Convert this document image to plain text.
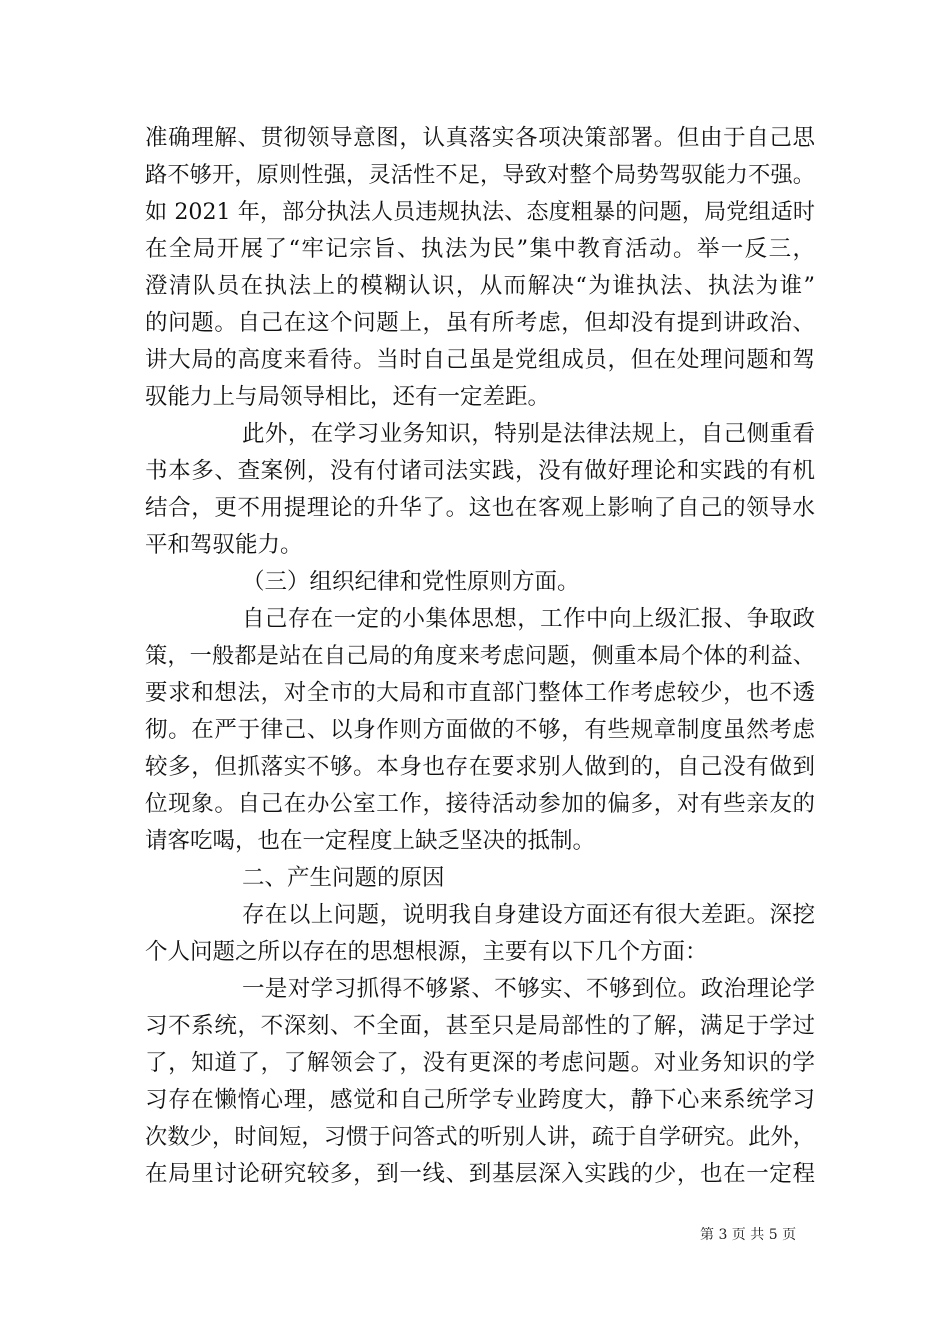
准确理解、贯彻领导意图，认真落实各项决策部署。但由于自己思
路不够开，原则性强，灵活性不足，导致对整个局势驾驭能力不强。
如 2021 年，部分执法人员违规执法、态度粗暴的问题，局党组适时
在全局开展了“牢记宗旨、执法为民”集中教育活动。举一反三，
澄清队员在执法上的模糊认识，从而解决“为谁执法、执法为谁”
的问题。自己在这个问题上，虽有所考虑，但却没有提到讲政治、
讲大局的高度来看待。当时自己虽是党组成员，但在处理问题和驾
驭能力上与局领导相比，还有一定差距。
此外，在学习业务知识，特别是法律法规上，自己侧重看
书本多、查案例，没有付诸司法实践，没有做好理论和实践的有机
结合，更不用提理论的升华了。这也在客观上影响了自己的领导水
平和驾驭能力。
（三）组织纪律和党性原则方面。
自己存在一定的小集体思想，工作中向上级汇报、争取政
策，一般都是站在自己局的角度来考虑问题，侧重本局个体的利益、
要求和想法，对全市的大局和市直部门整体工作考虑较少，也不透
彻。在严于律己、以身作则方面做的不够，有些规章制度虽然考虑
较多，但抓落实不够。本身也存在要求别人做到的，自己没有做到
位现象。自己在办公室工作，接待活动参加的偏多，对有些亲友的
请客吃喝，也在一定程度上缺乏坚决的抵制。
二、产生问题的原因
存在以上问题，说明我自身建设方面还有很大差距。深挖
个人问题之所以存在的思想根源，主要有以下几个方面：
一是对学习抓得不够紧、不够实、不够到位。政治理论学
习不系统，不深刻、不全面，甚至只是局部性的了解，满足于学过
了，知道了，了解领会了，没有更深的考虑问题。对业务知识的学
习存在懒惰心理，感觉和自己所学专业跨度大，静下心来系统学习
次数少，时间短，习惯于问答式的听别人讲，疏于自学研究。此外，
在局里讨论研究较多，到一线、到基层深入实践的少，也在一定程
第 3 页 共 5 页
